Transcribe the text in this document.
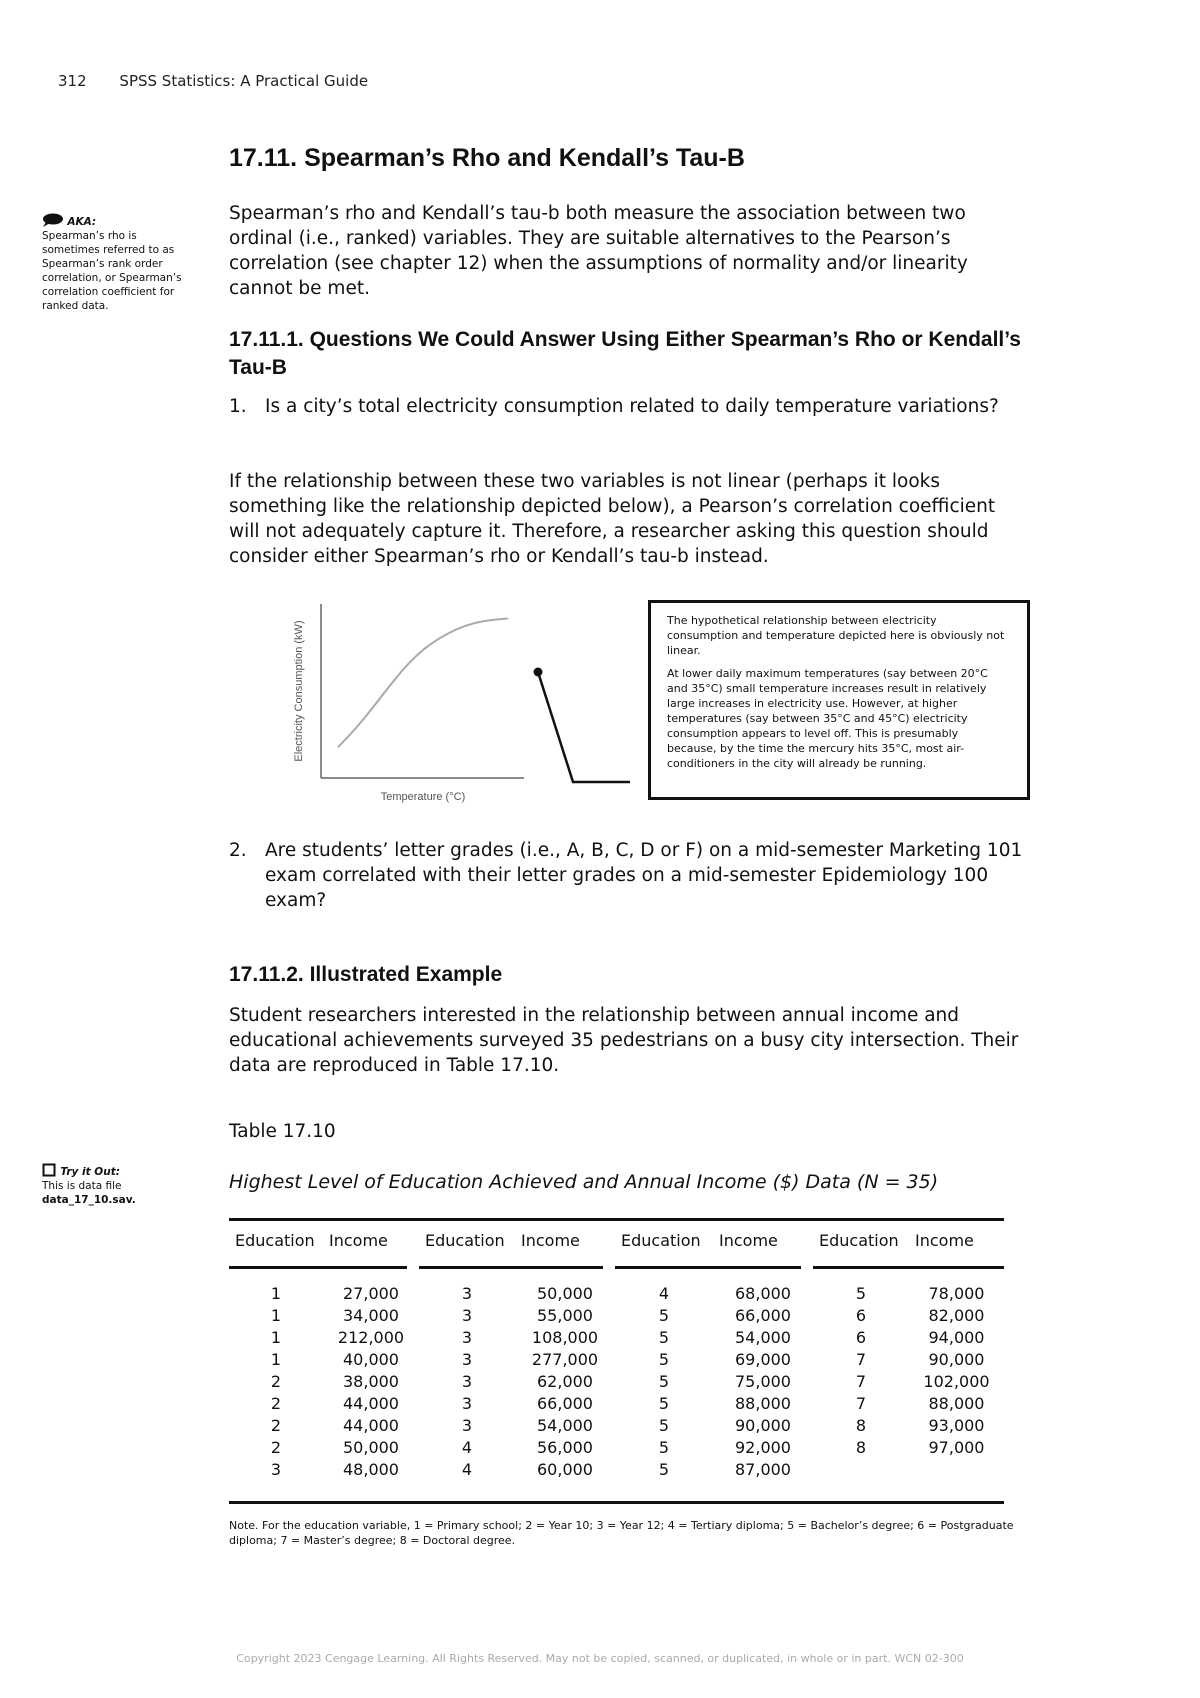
312 SPSS Statistics: A Practical Guide
17.11. Spearman’s Rho and Kendall’s Tau-B
AKA:
Spearman’s rho is sometimes referred to as Spearman’s rank order correlation, or Spearman’s correlation coefficient for ranked data.
Spearman’s rho and Kendall’s tau-b both measure the association between two ordinal (i.e., ranked) variables. They are suitable alternatives to the Pearson’s correlation (see chapter 12) when the assumptions of normality and/or linearity cannot be met.
17.11.1. Questions We Could Answer Using Either Spearman’s Rho or Kendall’s Tau-B
1. Is a city’s total electricity consumption related to daily temperature variations?
If the relationship between these two variables is not linear (perhaps it looks something like the relationship depicted below), a Pearson’s correlation coefficient will not adequately capture it. Therefore, a researcher asking this question should consider either Spearman’s rho or Kendall’s tau-b instead.
Electricity Consumption (kW)
Temperature (°C)

The hypothetical relationship between electricity consumption and temperature depicted here is obviously not linear.

At lower daily maximum temperatures (say between 20°C and 35°C) small temperature increases result in relatively large increases in electricity use. However, at higher temperatures (say between 35°C and 45°C) electricity consumption appears to level off. This is presumably because, by the time the mercury hits 35°C, most air-conditioners in the city will already be running.

2. Are students’ letter grades (i.e., A, B, C, D or F) on a mid-semester Marketing 101 exam correlated with their letter grades on a mid-semester Epidemiology 100 exam?
17.11.2. Illustrated Example
Student researchers interested in the relationship between annual income and educational achievements surveyed 35 pedestrians on a busy city intersection. Their data are reproduced in Table 17.10.
Try it Out:
This is data file
data_17_10.sav.
Table 17.10
Highest Level of Education Achieved and Annual Income ($) Data (N = 35)
Education	Income	Education	Income	Education	Income	Education	Income

1	27,000	3	50,000	4	68,000	5	78,000
1	34,000	3	55,000	5	66,000	6	82,000
1	212,000	3	108,000	5	54,000	6	94,000
1	40,000	3	277,000	5	69,000	7	90,000
2	38,000	3	62,000	5	75,000	7	102,000
2	44,000	3	66,000	5	88,000	7	88,000
2	44,000	3	54,000	5	90,000	8	93,000
2	50,000	4	56,000	5	92,000	8	97,000
3	48,000	4	60,000	5	87,000		
Note. For the education variable, 1 = Primary school; 2 = Year 10; 3 = Year 12; 4 = Tertiary diploma; 5 = Bachelor’s degree; 6 = Postgraduate diploma; 7 = Master’s degree; 8 = Doctoral degree.
Copyright 2023 Cengage Learning. All Rights Reserved. May not be copied, scanned, or duplicated, in whole or in part. WCN 02-300
